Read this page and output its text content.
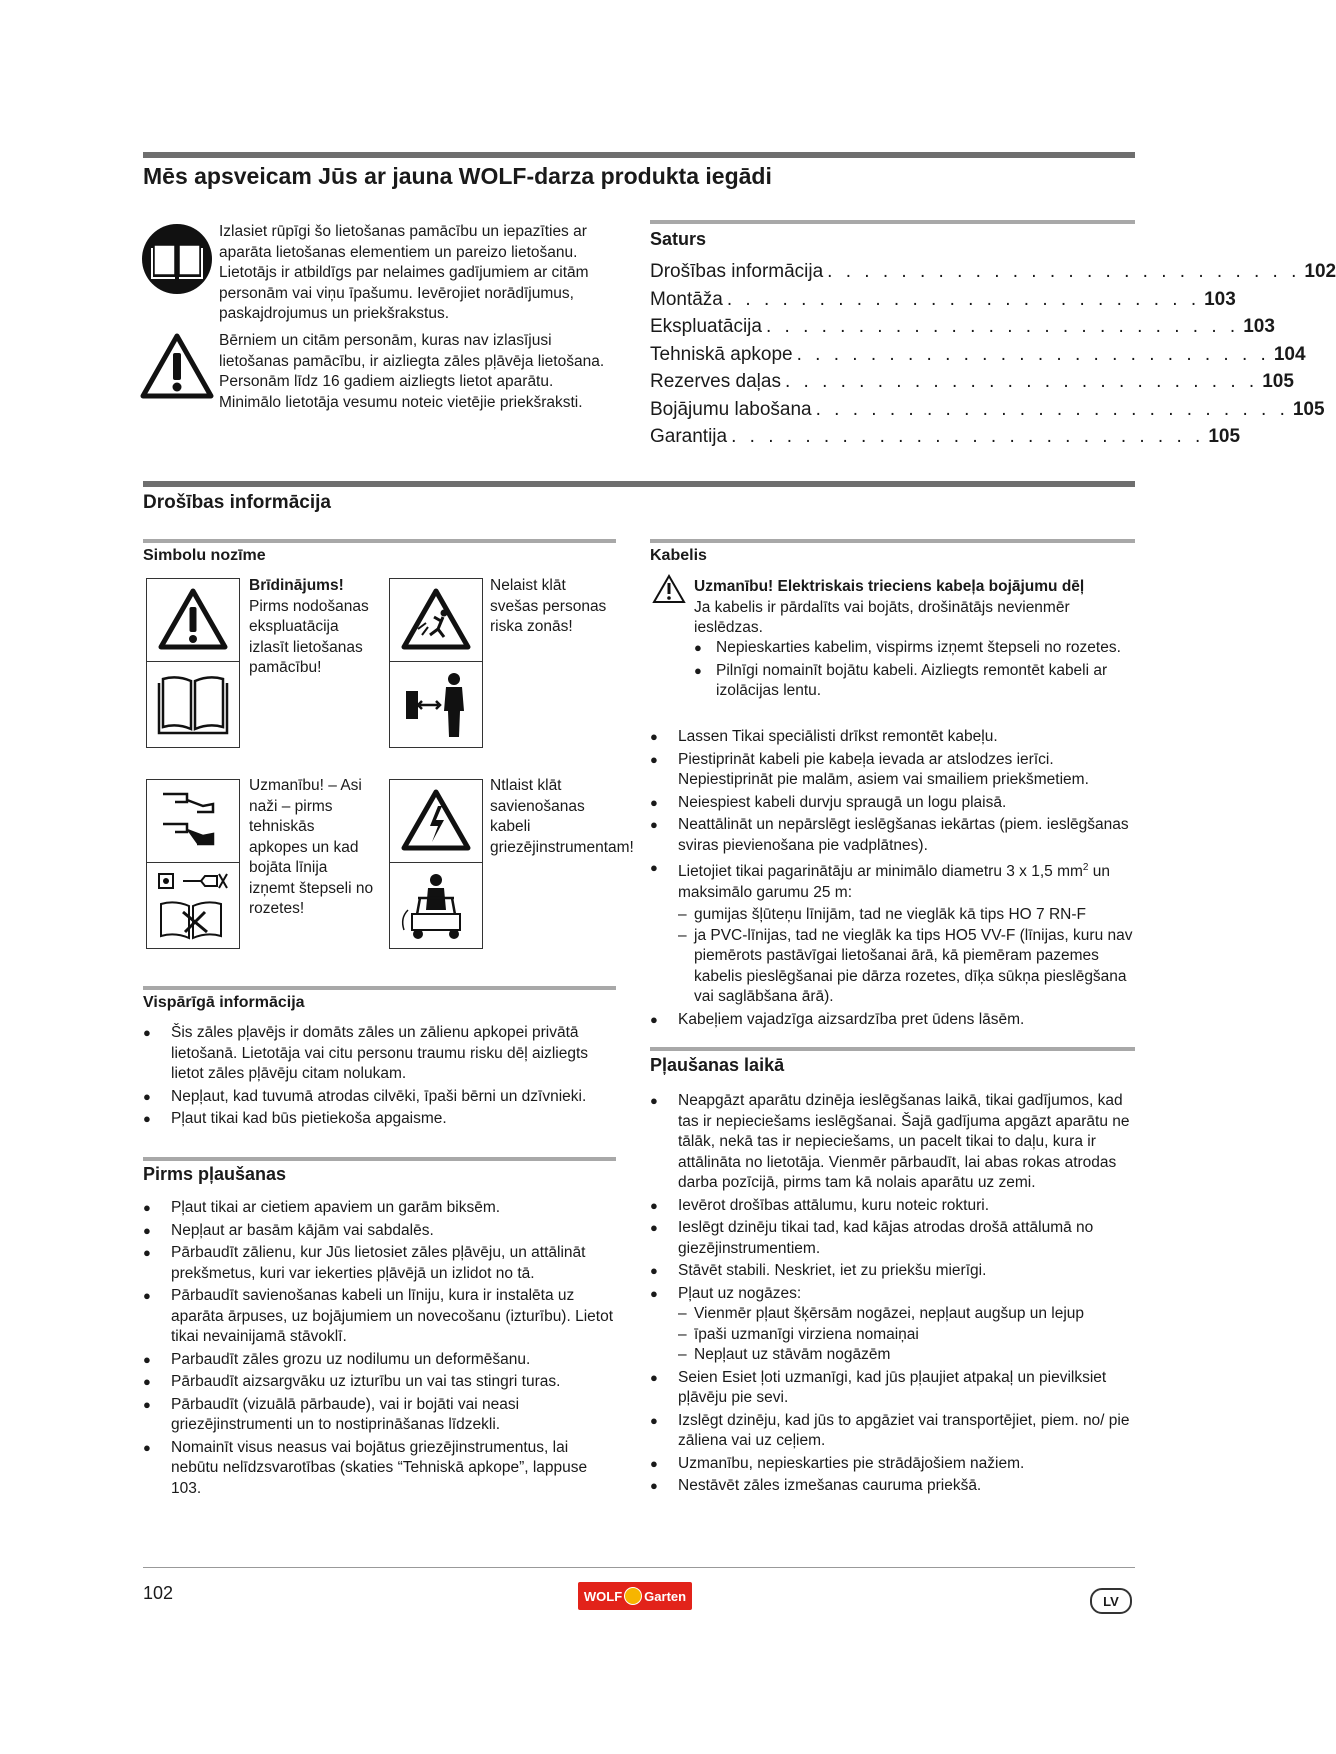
Mēs apsveicam Jūs ar jauna WOLF-darza produkta iegādi
Izlasiet rūpīgi šo lietošanas pamācību un iepazīties ar aparāta lietošanas elementiem un pareizo lietošanu. Lietotājs ir atbildīgs par nelaimes gadījumiem ar citām personām vai viņu īpašumu. Ievērojiet norādījumus, paskajdrojumus un priekšrakstus.
Bērniem un citām personām, kuras nav izlasījusi lietošanas pamācību, ir aizliegta zāles pļāvēja lietošana. Personām līdz 16 gadiem aizliegts lietot aparātu. Minimālo lietotāja vesumu noteic vietējie priekšraksti.
Saturs
Drošības informācija . . . . . . . . . . . . . . . . . . . . . . . . . . 102
Montāža . . . . . . . . . . . . . . . . . . . . . . . . . . 103
Ekspluatācija . . . . . . . . . . . . . . . . . . . . . . . . . . 103
Tehniskā apkope . . . . . . . . . . . . . . . . . . . . . . . . . . 104
Rezerves daļas . . . . . . . . . . . . . . . . . . . . . . . . . . 105
Bojājumu labošana . . . . . . . . . . . . . . . . . . . . . . . . . . 105
Garantija . . . . . . . . . . . . . . . . . . . . . . . . . . 105
Drošības informācija
Simbolu nozīme
Brīdinājums!
Pirms nodošanas ekspluatācija izlasīt lietošanas pamācību!
Nelaist klāt svešas personas riska zonās!
Uzmanību! – Asi naži – pirms tehniskās apkopes un kad bojāta līnija izņemt štepseli no rozetes!
Ntlaist klāt savienošanas kabeli griezējinstrumentam!
Vispārīgā informācija
● Šis zāles pļavējs ir domāts zāles un zālienu apkopei privātā lietošanā. Lietotāja vai citu personu traumu risku dēļ aizliegts lietot zāles pļāvēju citam nolukam.
● Nepļaut, kad tuvumā atrodas cilvēki, īpaši bērni un dzīvnieki.
● Pļaut tikai kad būs pietiekoša apgaisme.
Pirms pļaušanas
● Pļaut tikai ar cietiem apaviem un garām biksēm.
● Nepļaut ar basām kājām vai sabdalēs.
● Pārbaudīt zālienu, kur Jūs lietosiet zāles pļāvēju, un attālināt prekšmetus, kuri var iekerties pļāvējā un izlidot no tā.
● Pārbaudīt savienošanas kabeli un līniju, kura ir instalēta uz aparāta ārpuses, uz bojājumiem un novecošanu (izturību). Lietot tikai nevainijamā stāvoklī.
● Parbaudīt zāles grozu uz nodilumu un deformēšanu.
● Pārbaudīt aizsargvāku uz izturību un vai tas stingri turas.
● Pārbaudīt (vizuālā pārbaude), vai ir bojāti vai neasi griezējinstrumenti un to nostiprināšanas līdzekli.
● Nomainīt visus neasus vai bojātus griezējinstrumentus, lai nebūtu nelīdzsvarotības (skaties “Tehniskā apkope”, lappuse 103.
Kabelis
Uzmanību! Elektriskais trieciens kabeļa bojājumu dēļ
Ja kabelis ir pārdalīts vai bojāts, drošinātājs nevienmēr ieslēdzas.
● Nepieskarties kabelim, vispirms izņemt štepseli no rozetes.
● Pilnīgi nomainīt bojātu kabeli. Aizliegts remontēt kabeli ar izolācijas lentu.
● Lassen Tikai speciālisti drīkst remontēt kabeļu.
● Piestiprināt kabeli pie kabeļa ievada ar atslodzes ierīci. Nepiestiprināt pie malām, asiem vai smailiem priekšmetiem.
● Neiespiest kabeli durvju spraugā un logu plaisā.
● Neattālināt un nepārslēgt ieslēgšanas iekārtas (piem. ieslēgšanas sviras pievienošana pie vadplātnes).
● Lietojiet tikai pagarinātāju ar minimālo diametru 3 x 1,5 $mm^2$ un maksimālo garumu 25 m:
– gumijas šļūteņu līnijām, tad ne vieglāk kā tips HO 7 RN-F
– ja PVC-līnijas, tad ne vieglāk ka tips HO5 VV-F (līnijas, kuru nav piemērots pastāvīgai lietošanai ārā, kā piemēram pazemes kabelis pieslēgšanai pie dārza rozetes, dīķa sūkņa pieslēgšana vai saglābšana ārā).
● Kabeļiem vajadzīga aizsardzība pret ūdens lāsēm.
Pļaušanas laikā
● Neapgāzt aparātu dzinēja ieslēgšanas laikā, tikai gadījumos, kad tas ir nepieciešams ieslēgšanai. Šajā gadījuma apgāzt aparātu ne tālāk, nekā tas ir nepieciešams, un pacelt tikai to daļu, kura ir attālināta no lietotāja. Vienmēr pārbaudīt, lai abas rokas atrodas darba pozīcijā, pirms tam kā nolais aparātu uz zemi.
● Ievērot drošības attālumu, kuru noteic rokturi.
● Ieslēgt dzinēju tikai tad, kad kājas atrodas drošā attālumā no giezējinstrumentiem.
● Stāvēt stabili. Neskriet, iet zu priekšu mierīgi.
● Pļaut uz nogāzes:
– Vienmēr pļaut šķērsām nogāzei, nepļaut augšup un lejup
– īpaši uzmanīgi virziena nomaiņai
– Nepļaut uz stāvām nogāzēm
● Seien Esiet ļoti uzmanīgi, kad jūs pļaujiet atpakaļ un pievilksiet pļāvēju pie sevi.
● Izslēgt dzinēju, kad jūs to apgāziet vai transportējiet, piem. no/ pie zāliena vai uz ceļiem.
● Uzmanību, nepieskarties pie strādājošiem nažiem.
● Nestāvēt zāles izmešanas cauruma priekšā.
102	WOLF Garten	LV
